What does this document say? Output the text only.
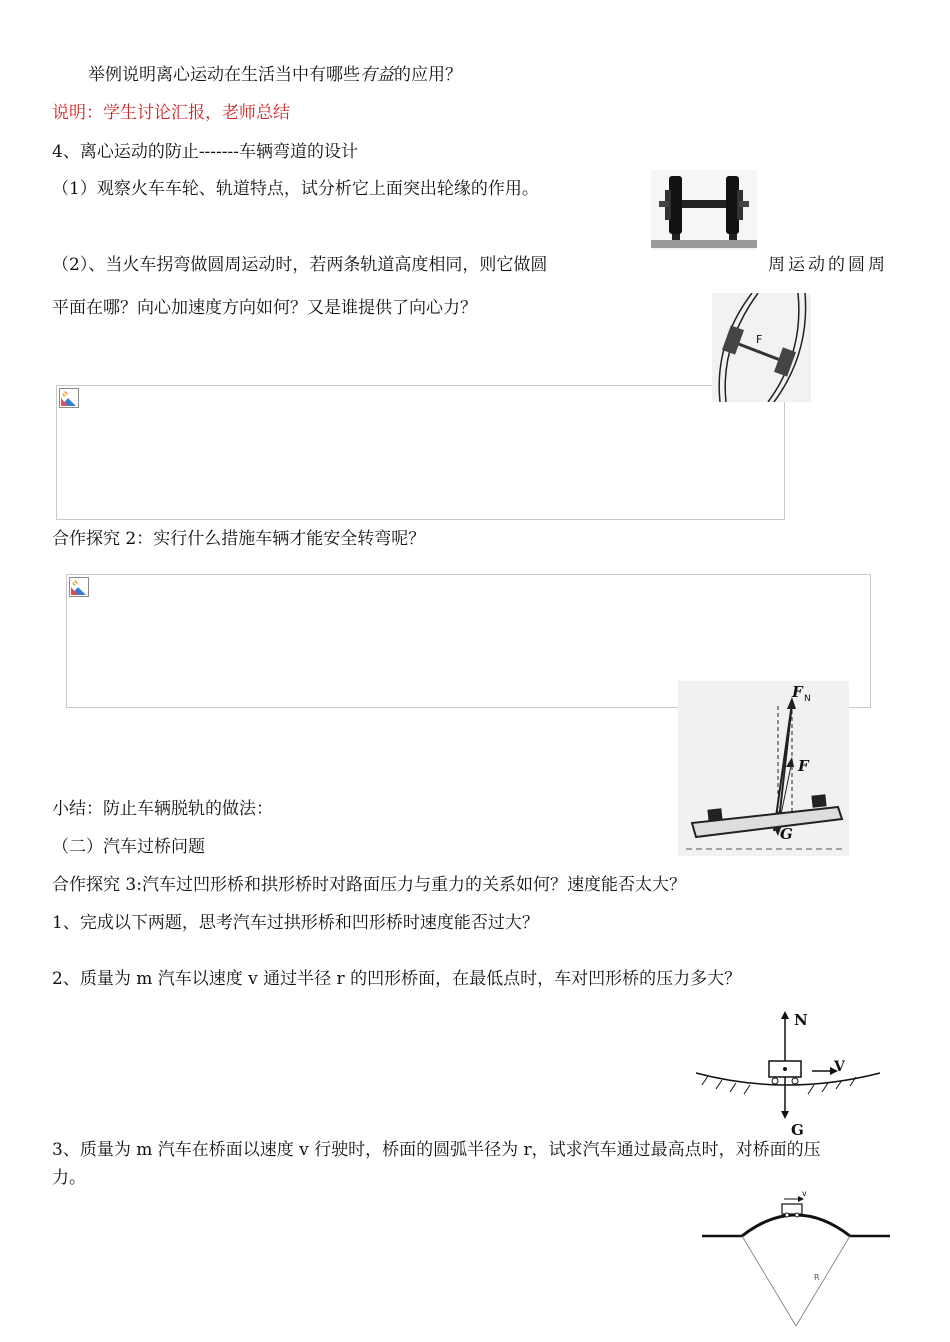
举例说明离心运动在生活当中有哪些有益的应用？
说明：学生讨论汇报，老师总结
4、离心运动的防止-------车辆弯道的设计
（1）观察火车车轮、轨道特点，试分析它上面突出轮缘的作用。
（2）、当火车拐弯做圆周运动时，若两条轨道高度相同，则它做圆	周运动的圆周
平面在哪？向心加速度方向如何？又是谁提供了向心力？
合作探究 2：实行什么措施车辆才能安全转弯呢？
小结：防止车辆脱轨的做法：
（二）汽车过桥问题
合作探究 3:汽车过凹形桥和拱形桥时对路面压力与重力的关系如何？速度能否太大？
1、完成以下两题，思考汽车过拱形桥和凹形桥时速度能否过大？
2、质量为 m 汽车以速度 v 通过半径 r 的凹形桥面，在最低点时，车对凹形桥的压力多大？
3、质量为 m 汽车在桥面以速度 v 行驶时，桥面的圆弧半径为 r，试求汽车通过最高点时，对桥面的压
力。
F
F N
F
G
N
V
G
v
R
